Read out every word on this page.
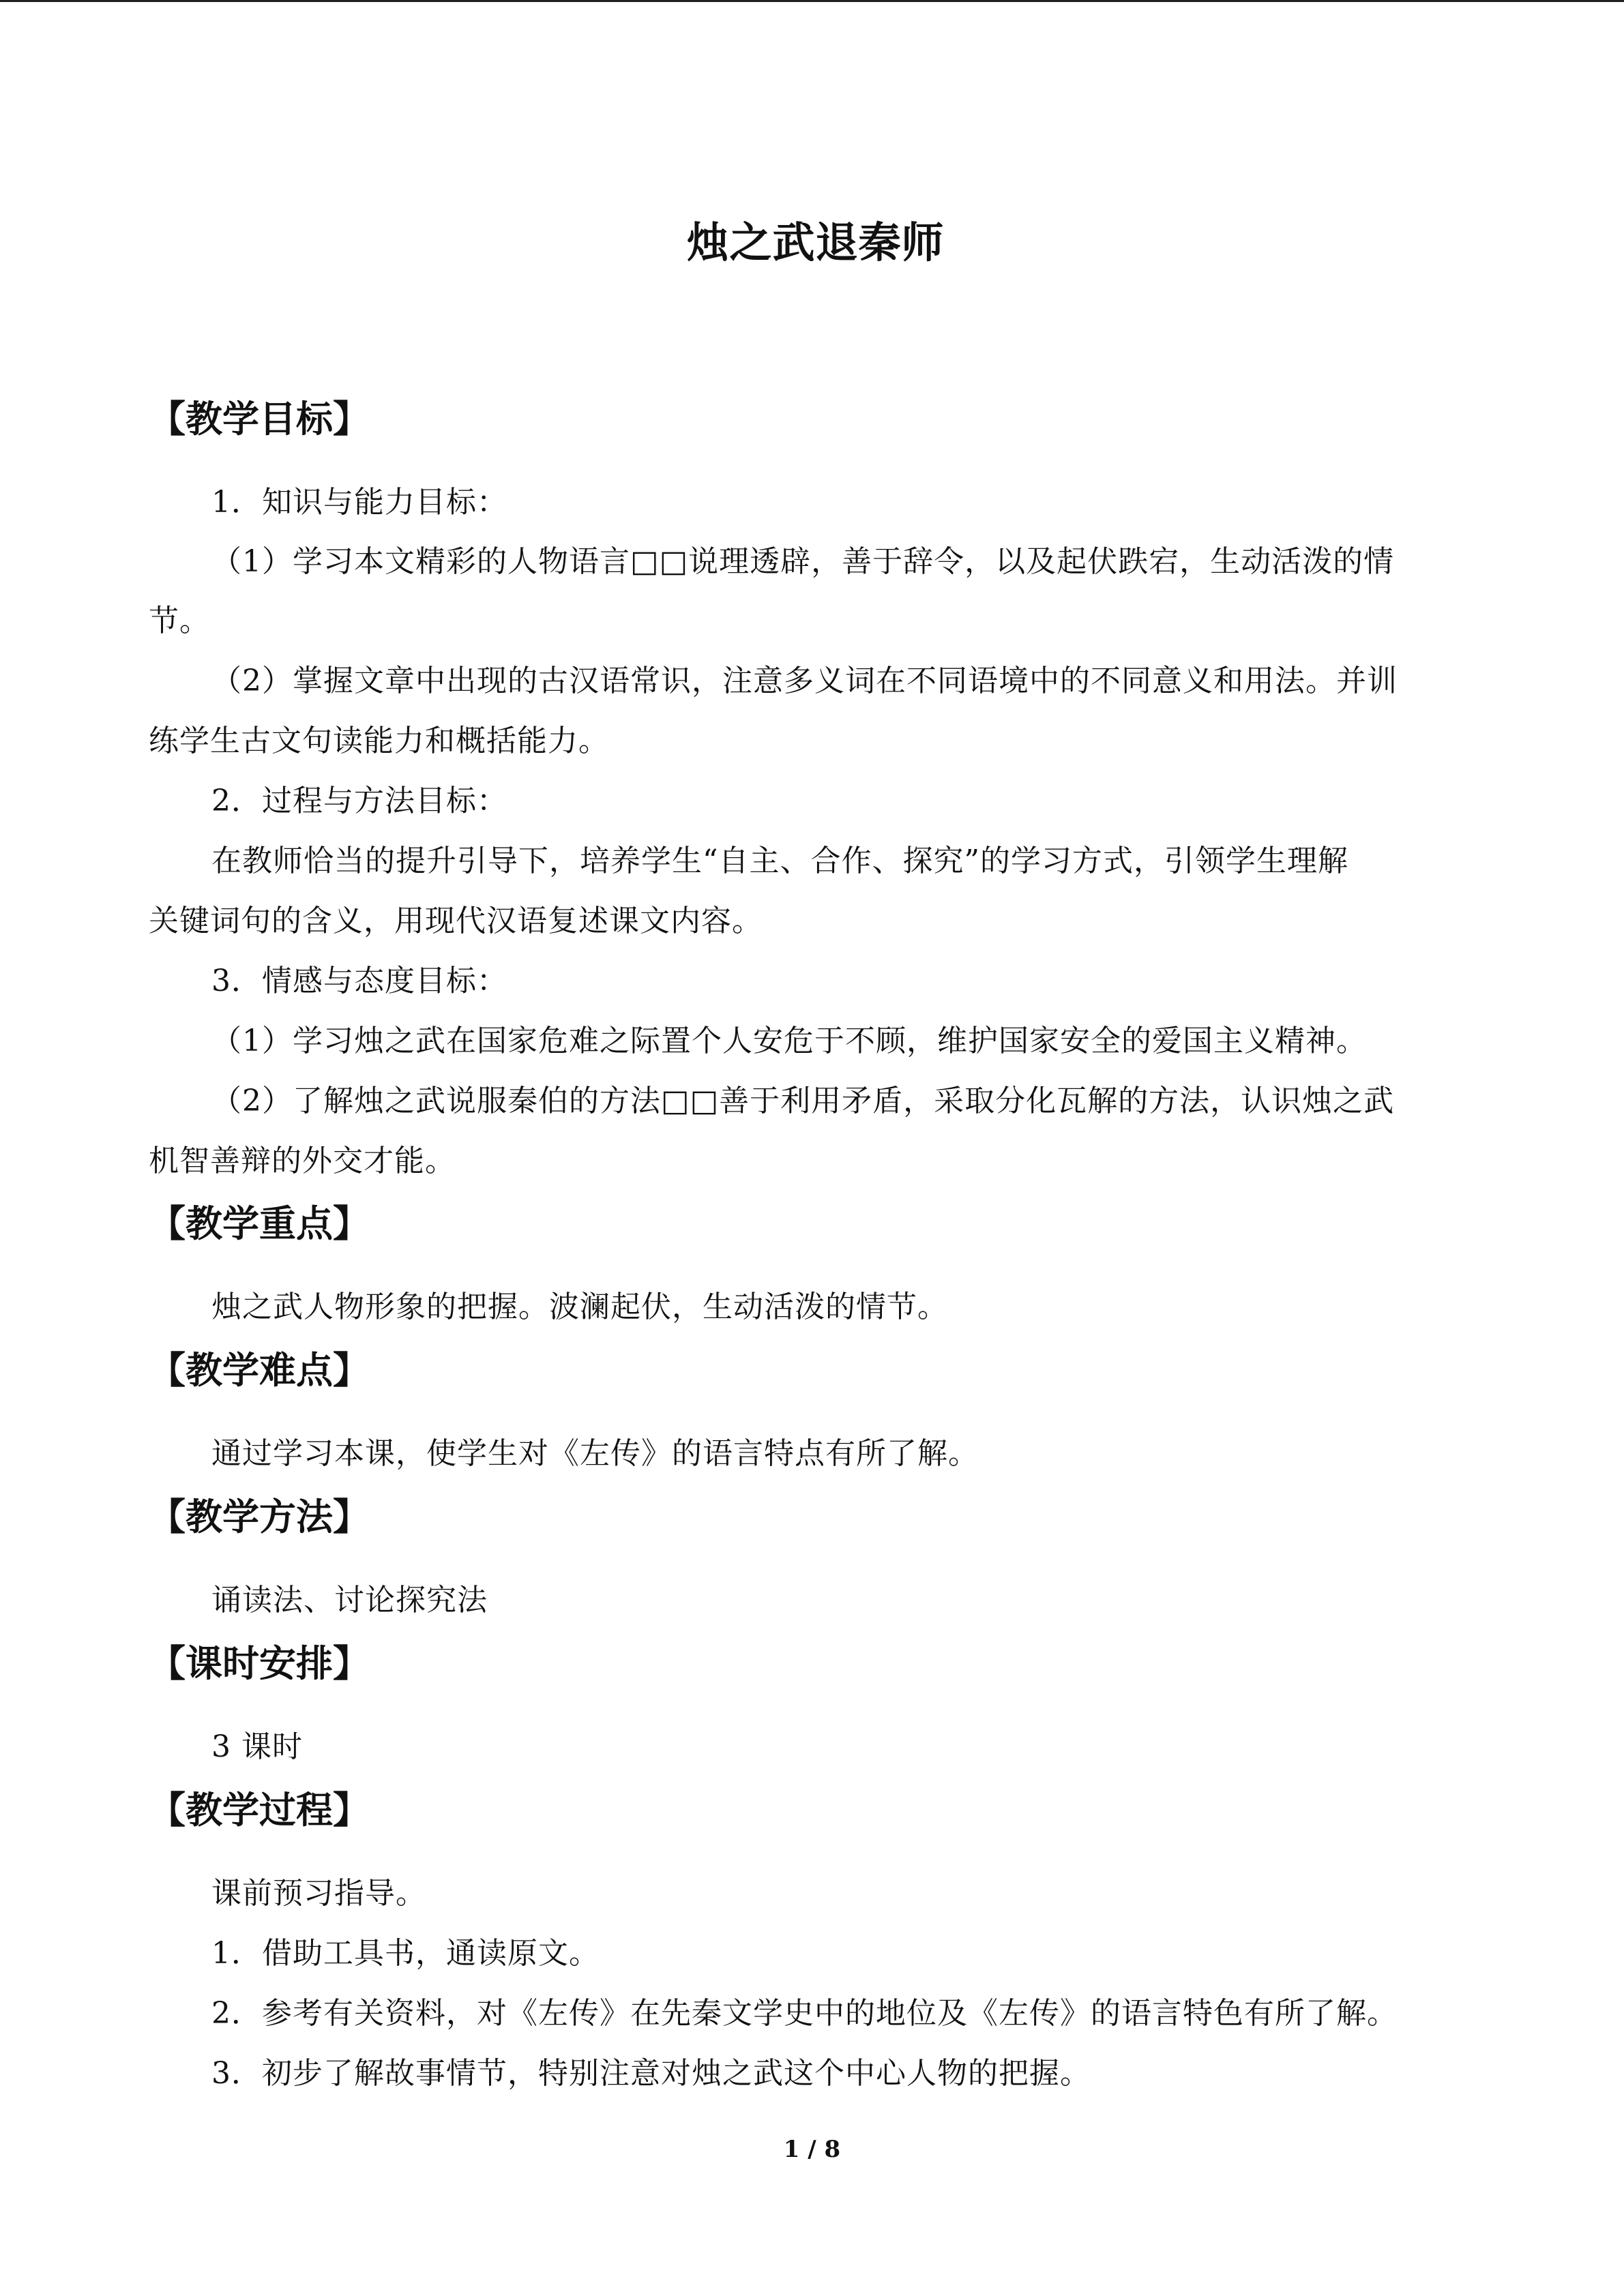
烛之武退秦师
【教学目标】
1．知识与能力目标：
（1）学习本文精彩的人物语言□□说理透辟，善于辞令，以及起伏跌宕，生动活泼的情
节。
（2）掌握文章中出现的古汉语常识，注意多义词在不同语境中的不同意义和用法。并训
练学生古文句读能力和概括能力。
2．过程与方法目标：
在教师恰当的提升引导下，培养学生“自主、合作、探究”的学习方式，引领学生理解
关键词句的含义，用现代汉语复述课文内容。
3．情感与态度目标：
（1）学习烛之武在国家危难之际置个人安危于不顾，维护国家安全的爱国主义精神。
（2）了解烛之武说服秦伯的方法□□善于利用矛盾，采取分化瓦解的方法，认识烛之武
机智善辩的外交才能。
【教学重点】
烛之武人物形象的把握。波澜起伏，生动活泼的情节。
【教学难点】
通过学习本课，使学生对《左传》的语言特点有所了解。
【教学方法】
诵读法、讨论探究法
【课时安排】
3 课时
【教学过程】
课前预习指导。
1．借助工具书，通读原文。
2．参考有关资料，对《左传》在先秦文学史中的地位及《左传》的语言特色有所了解。
3．初步了解故事情节，特别注意对烛之武这个中心人物的把握。
1 / 8
